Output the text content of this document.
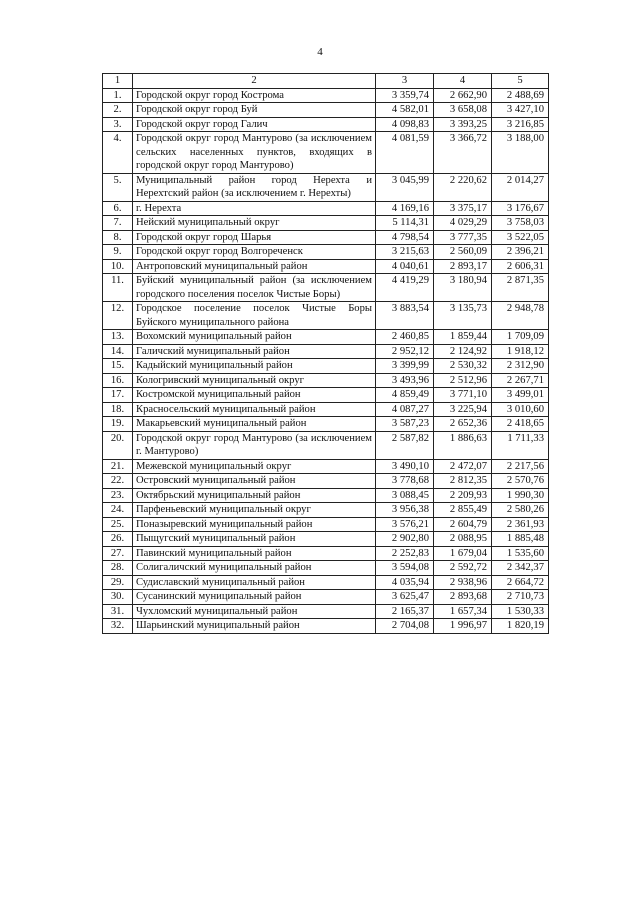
4
1	2	3	4	5
1.	Городской округ город Кострома	3 359,74	2 662,90	2 488,69
2.	Городской округ город Буй	4 582,01	3 658,08	3 427,10
3.	Городской округ город Галич	4 098,83	3 393,25	3 216,85
4.	Городской округ город Мантурово (за исключением сельских населенных пунктов, входящих в городской округ город Мантурово)	4 081,59	3 366,72	3 188,00
5.	Муниципальный район город Нерехта и Нерехтский район (за исключением г. Нерехты)	3 045,99	2 220,62	2 014,27
6.	г. Нерехта	4 169,16	3 375,17	3 176,67
7.	Нейский муниципальный округ	5 114,31	4 029,29	3 758,03
8.	Городской округ город Шарья	4 798,54	3 777,35	3 522,05
9.	Городской округ город Волгореченск	3 215,63	2 560,09	2 396,21
10.	Антроповский муниципальный район	4 040,61	2 893,17	2 606,31
11.	Буйский муниципальный район (за исключением городского поселения поселок Чистые Боры)	4 419,29	3 180,94	2 871,35
12.	Городское поселение поселок Чистые Боры Буйского муниципального района	3 883,54	3 135,73	2 948,78
13.	Вохомский муниципальный район	2 460,85	1 859,44	1 709,09
14.	Галичский муниципальный район	2 952,12	2 124,92	1 918,12
15.	Кадыйский муниципальный район	3 399,99	2 530,32	2 312,90
16.	Кологривский муниципальный округ	3 493,96	2 512,96	2 267,71
17.	Костромской муниципальный район	4 859,49	3 771,10	3 499,01
18.	Красносельский муниципальный район	4 087,27	3 225,94	3 010,60
19.	Макарьевский муниципальный район	3 587,23	2 652,36	2 418,65
20.	Городской округ город Мантурово (за исключением г. Мантурово)	2 587,82	1 886,63	1 711,33
21.	Межевской муниципальный округ	3 490,10	2 472,07	2 217,56
22.	Островский муниципальный район	3 778,68	2 812,35	2 570,76
23.	Октябрьский муниципальный район	3 088,45	2 209,93	1 990,30
24.	Парфеньевский муниципальный округ	3 956,38	2 855,49	2 580,26
25.	Поназыревский муниципальный район	3 576,21	2 604,79	2 361,93
26.	Пыщугский муниципальный район	2 902,80	2 088,95	1 885,48
27.	Павинский муниципальный район	2 252,83	1 679,04	1 535,60
28.	Солигаличский муниципальный район	3 594,08	2 592,72	2 342,37
29.	Судиславский муниципальный район	4 035,94	2 938,96	2 664,72
30.	Сусанинский муниципальный район	3 625,47	2 893,68	2 710,73
31.	Чухломский муниципальный район	2 165,37	1 657,34	1 530,33
32.	Шарьинский муниципальный район	2 704,08	1 996,97	1 820,19
